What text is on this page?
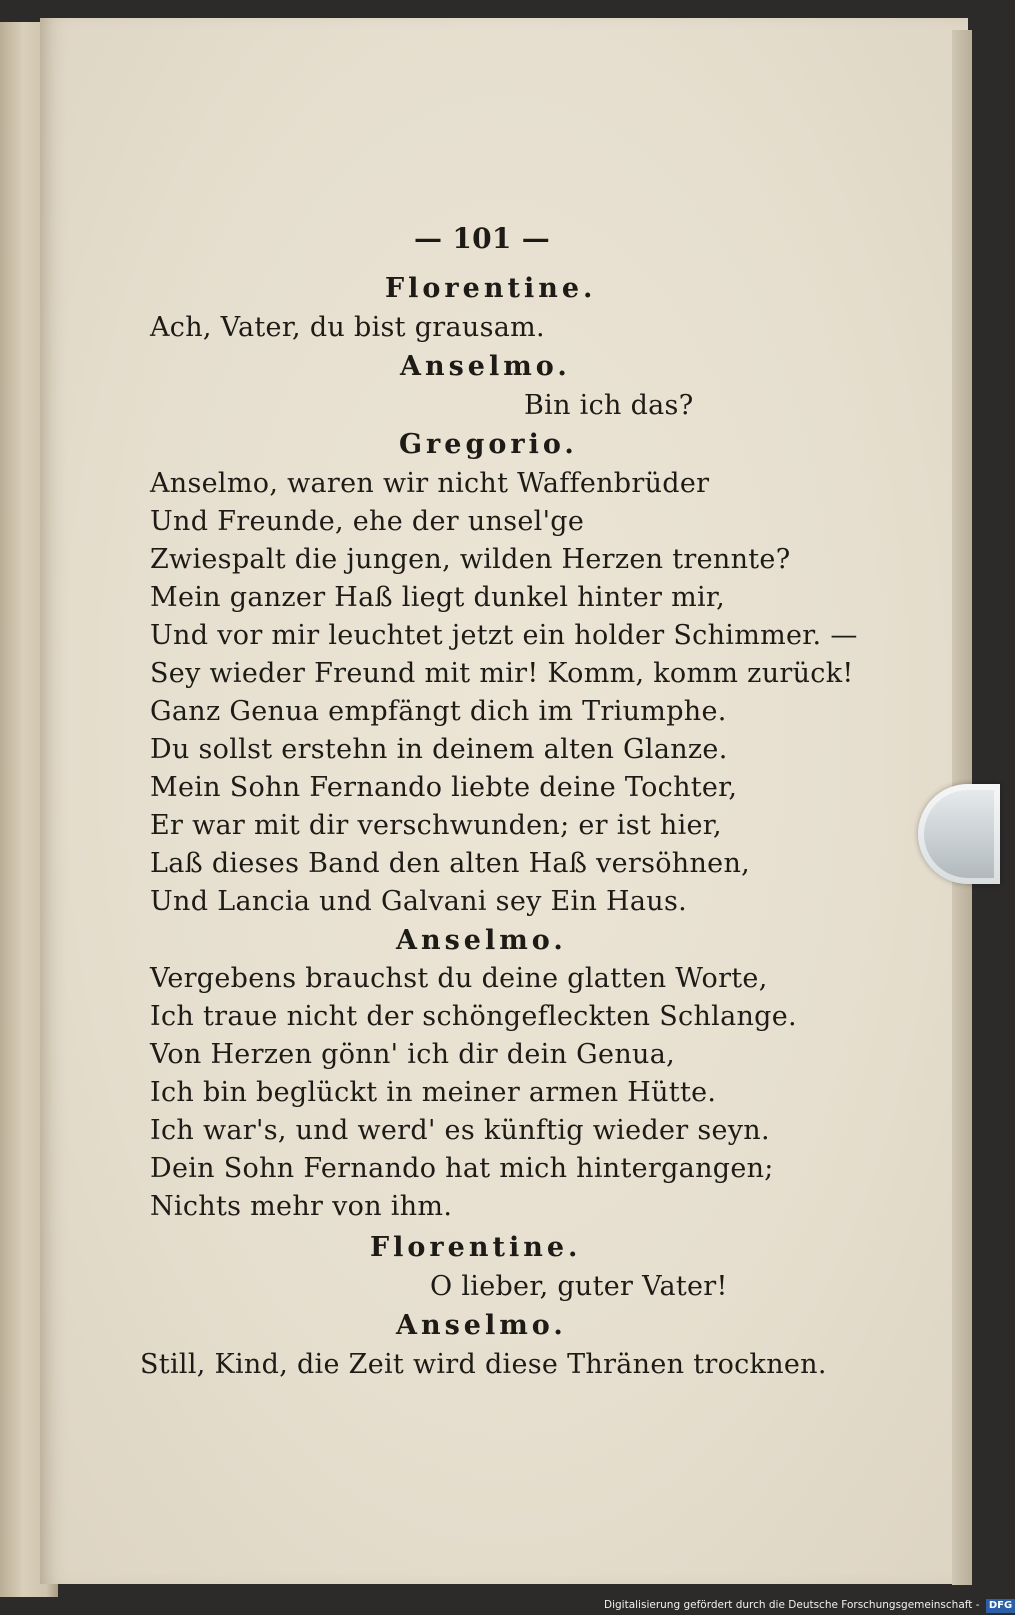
— 101 —

Florentine.

Ach, Vater, du bist grausam.

Anselmo.

Bin ich das?

Gregorio.

Anselmo, waren wir nicht Waffenbrüder

Und Freunde, ehe der unsel'ge

Zwiespalt die jungen, wilden Herzen trennte?

Mein ganzer Haß liegt dunkel hinter mir,

Und vor mir leuchtet jetzt ein holder Schimmer. —

Sey wieder Freund mit mir! Komm, komm zurück!

Ganz Genua empfängt dich im Triumphe.

Du sollst erstehn in deinem alten Glanze.

Mein Sohn Fernando liebte deine Tochter,

Er war mit dir verschwunden; er ist hier,

Laß dieses Band den alten Haß versöhnen,

Und Lancia und Galvani sey Ein Haus.

Anselmo.

Vergebens brauchst du deine glatten Worte,

Ich traue nicht der schöngefleckten Schlange.

Von Herzen gönn' ich dir dein Genua,

Ich bin beglückt in meiner armen Hütte.

Ich war's, und werd' es künftig wieder seyn.

Dein Sohn Fernando hat mich hintergangen;

Nichts mehr von ihm.

Florentine.

O lieber, guter Vater!

Anselmo.

Still, Kind, die Zeit wird diese Thränen trocknen.

Digitalisierung gefördert durch die Deutsche Forschungsgemeinschaft - DFG
